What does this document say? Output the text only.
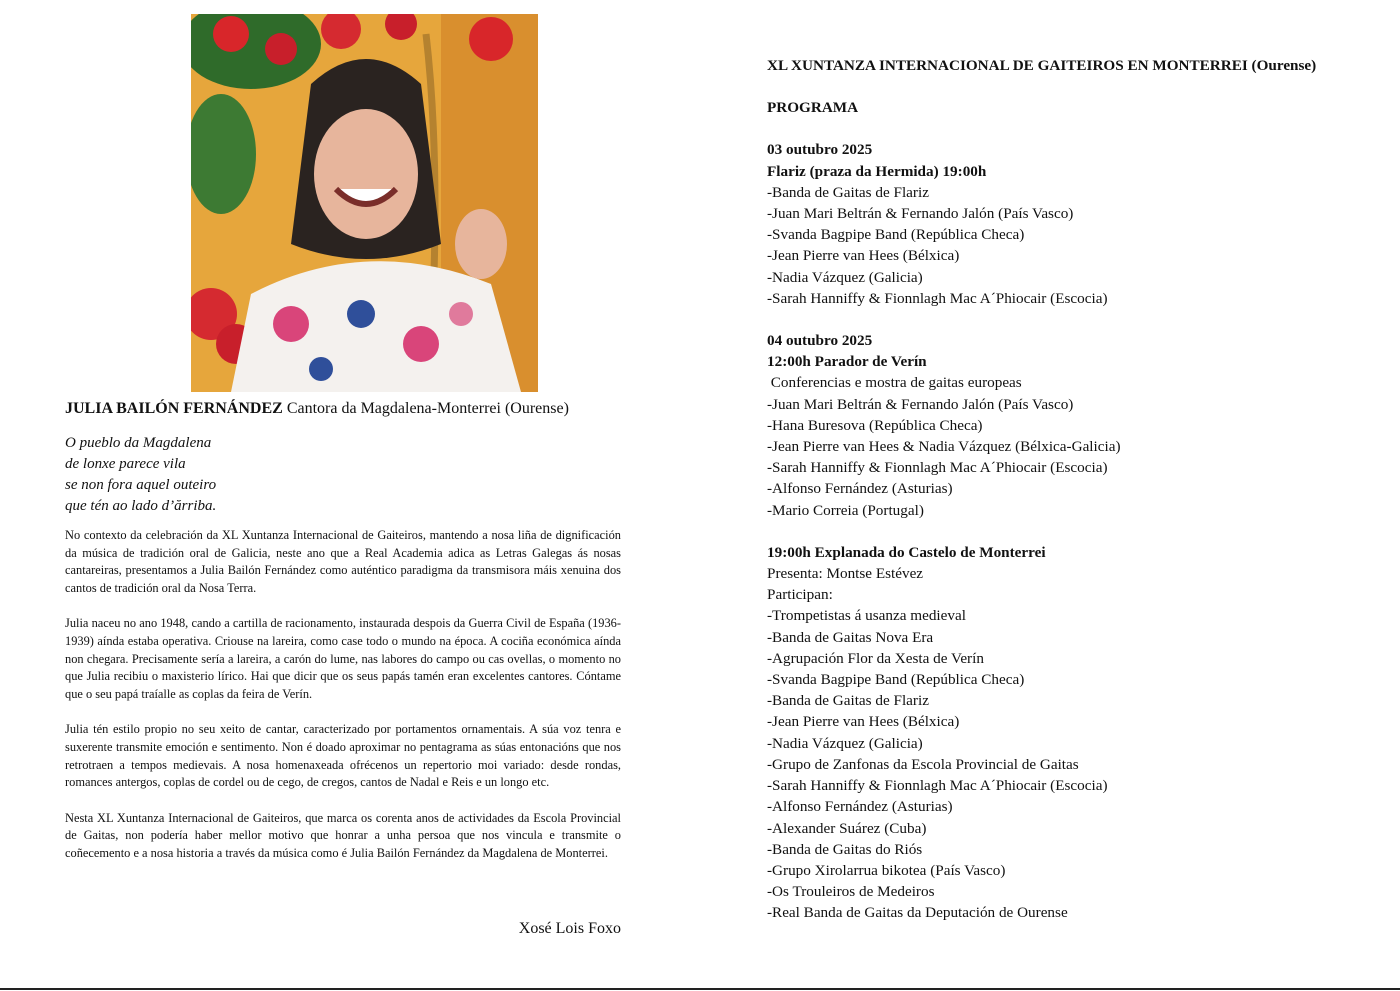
JULIA BAILÓN FERNÁNDEZ Cantora da Magdalena-Monterrei (Ourense)

O pueblo da Magdalena
de lonxe parece vila
se non fora aquel outeiro
que tén ao lado d’ărriba.

No contexto da celebración da XL Xuntanza Internacional de Gaiteiros, mantendo a nosa liña de dignificación da música de tradición oral de Galicia, neste ano que a Real Academia adica as Letras Galegas ás nosas cantareiras, presentamos a Julia Bailón Fernández como auténtico paradigma da transmisora máis xenuina dos cantos de tradición oral da Nosa Terra.

Julia naceu no ano 1948, cando a cartilla de racionamento, instaurada despois da Guerra Civil de España (1936-1939) aínda estaba operativa. Criouse na lareira, como case todo o mundo na época. A cociña económica aínda non chegara. Precisamente sería a lareira, a carón do lume, nas labores do campo ou cas ovellas, o momento no que Julia recibiu o maxisterio lírico. Hai que dicir que os seus papás tamén eran excelentes cantores. Cóntame que o seu papá traíalle as coplas da feira de Verín.

Julia tén estilo propio no seu xeito de cantar, caracterizado por portamentos ornamentais. A súa voz tenra e suxerente transmite emoción e sentimento. Non é doado aproximar no pentagrama as súas entonacións que nos retrotraen a tempos medievais. A nosa homenaxeada ofrécenos un repertorio moi variado: desde rondas, romances antergos, coplas de cordel ou de cego, de cregos, cantos de Nadal e Reis e un longo etc.

Nesta XL Xuntanza Internacional de Gaiteiros, que marca os corenta anos de actividades da Escola Provincial de Gaitas, non podería haber mellor motivo que honrar a unha persoa que nos vincula e transmite o coñecemento e a nosa historia a través da música como é Julia Bailón Fernández da Magdalena de Monterrei.

Xosé Lois Foxo
XL XUNTANZA INTERNACIONAL DE GAITEIROS EN MONTERREI (Ourense)
PROGRAMA
03 outubro 2025
Flariz (praza da Hermida) 19:00h
-Banda de Gaitas de Flariz
-Juan Mari Beltrán & Fernando Jalón (País Vasco)
-Svanda Bagpipe Band (República Checa)
-Jean Pierre van Hees (Bélxica)
-Nadia Vázquez (Galicia)
-Sarah Hanniffy & Fionnlagh Mac A´Phiocair (Escocia)
04 outubro 2025
12:00h Parador de Verín
Conferencias e mostra de gaitas europeas
-Juan Mari Beltrán & Fernando Jalón (País Vasco)
-Hana Buresova (República Checa)
-Jean Pierre van Hees & Nadia Vázquez (Bélxica-Galicia)
-Sarah Hanniffy & Fionnlagh Mac A´Phiocair (Escocia)
-Alfonso Fernández (Asturias)
-Mario Correia (Portugal)
19:00h Explanada do Castelo de Monterrei
Presenta: Montse Estévez
Participan:
-Trompetistas á usanza medieval
-Banda de Gaitas Nova Era
-Agrupación Flor da Xesta de Verín
-Svanda Bagpipe Band (República Checa)
-Banda de Gaitas de Flariz
-Jean Pierre van Hees (Bélxica)
-Nadia Vázquez (Galicia)
-Grupo de Zanfonas da Escola Provincial de Gaitas
-Sarah Hanniffy & Fionnlagh Mac A´Phiocair (Escocia)
-Alfonso Fernández (Asturias)
-Alexander Suárez (Cuba)
-Banda de Gaitas do Riós
-Grupo Xirolarrua bikotea (País Vasco)
-Os Trouleiros de Medeiros
-Real Banda de Gaitas da Deputación de Ourense
